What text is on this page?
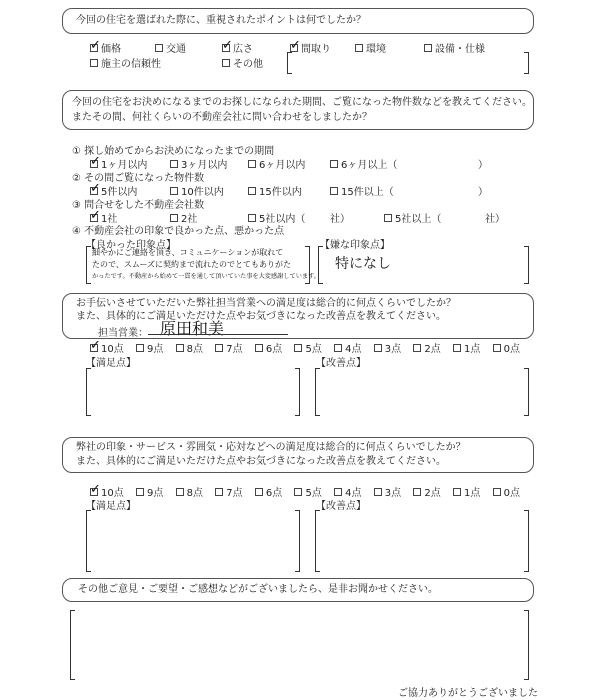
今回の住宅を選ばれた際に、重視されたポイントは何でしたか？
✓ 価格	交通	✓ 広さ	✓ 間取り	環境	設備・仕様
施主の信頼性	その他
今回の住宅をお決めになるまでのお探しになられた期間、ご覧になった物件数などを教えてください。
またその間、何社くらいの不動産会社に問い合わせをしましたか？
① 探し始めてからお決めになったまでの期間
✓ 1ヶ月以内	3ヶ月以内	6ヶ月以内	6ヶ月以上（	）
② その間ご覧になった物件数
✓ 5件以内	10件以内	15件以内	15件以上（	）
③ 問合せをした不動産会社数
✓ 1社	2社	5社以内（ 社）	5社以上（	社）
④ 不動産会社の印象で良かった点、悪かった点
【良かった印象点】	【嫌な印象点】
細やかにご連絡を頂き、コミュニケーションが取れて
たので、スムーズに契約まで流れたのでとてもありがた
かったです。不動産から始めて一貫を通して頂いていた事を大変感謝しています。
特になし
お手伝いさせていただいた弊社担当営業への満足度は総合的に何点くらいでしたか？
また、具体的にご満足いただけた点やお気づきになった改善点を教えてください。
担当営業： 原田和美
✓ 10点 9点 8点 7点 6点 5点 4点 3点 2点 1点 0点
【満足点】	【改善点】
弊社の印象・サービス・雰囲気・応対などへの満足度は総合的に何点くらいでしたか？
また、具体的にご満足いただけた点やお気づきになった改善点を教えてください。
✓ 10点 9点 8点 7点 6点 5点 4点 3点 2点 1点 0点
【満足点】	【改善点】
その他ご意見・ご要望・ご感想などがございましたら、是非お聞かせください。
ご協力ありがとうございました
